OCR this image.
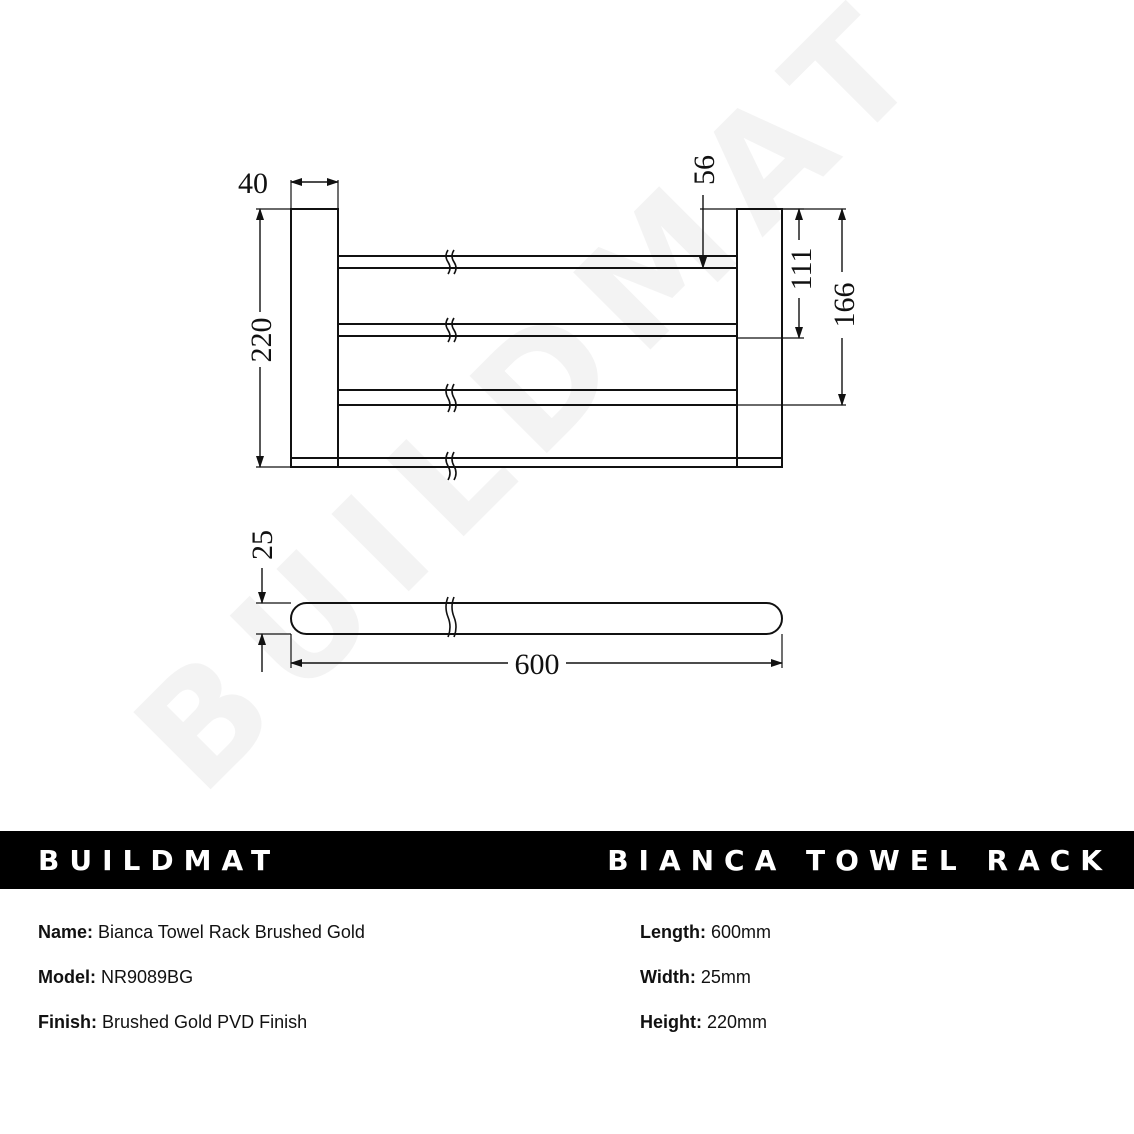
40
220
56
111
166
25
600
BUILDMAT	BIANCA TOWEL RACK
Name: Bianca Towel Rack Brushed Gold
Model: NR9089BG
Finish: Brushed Gold PVD Finish
Length: 600mm
Width: 25mm
Height: 220mm
